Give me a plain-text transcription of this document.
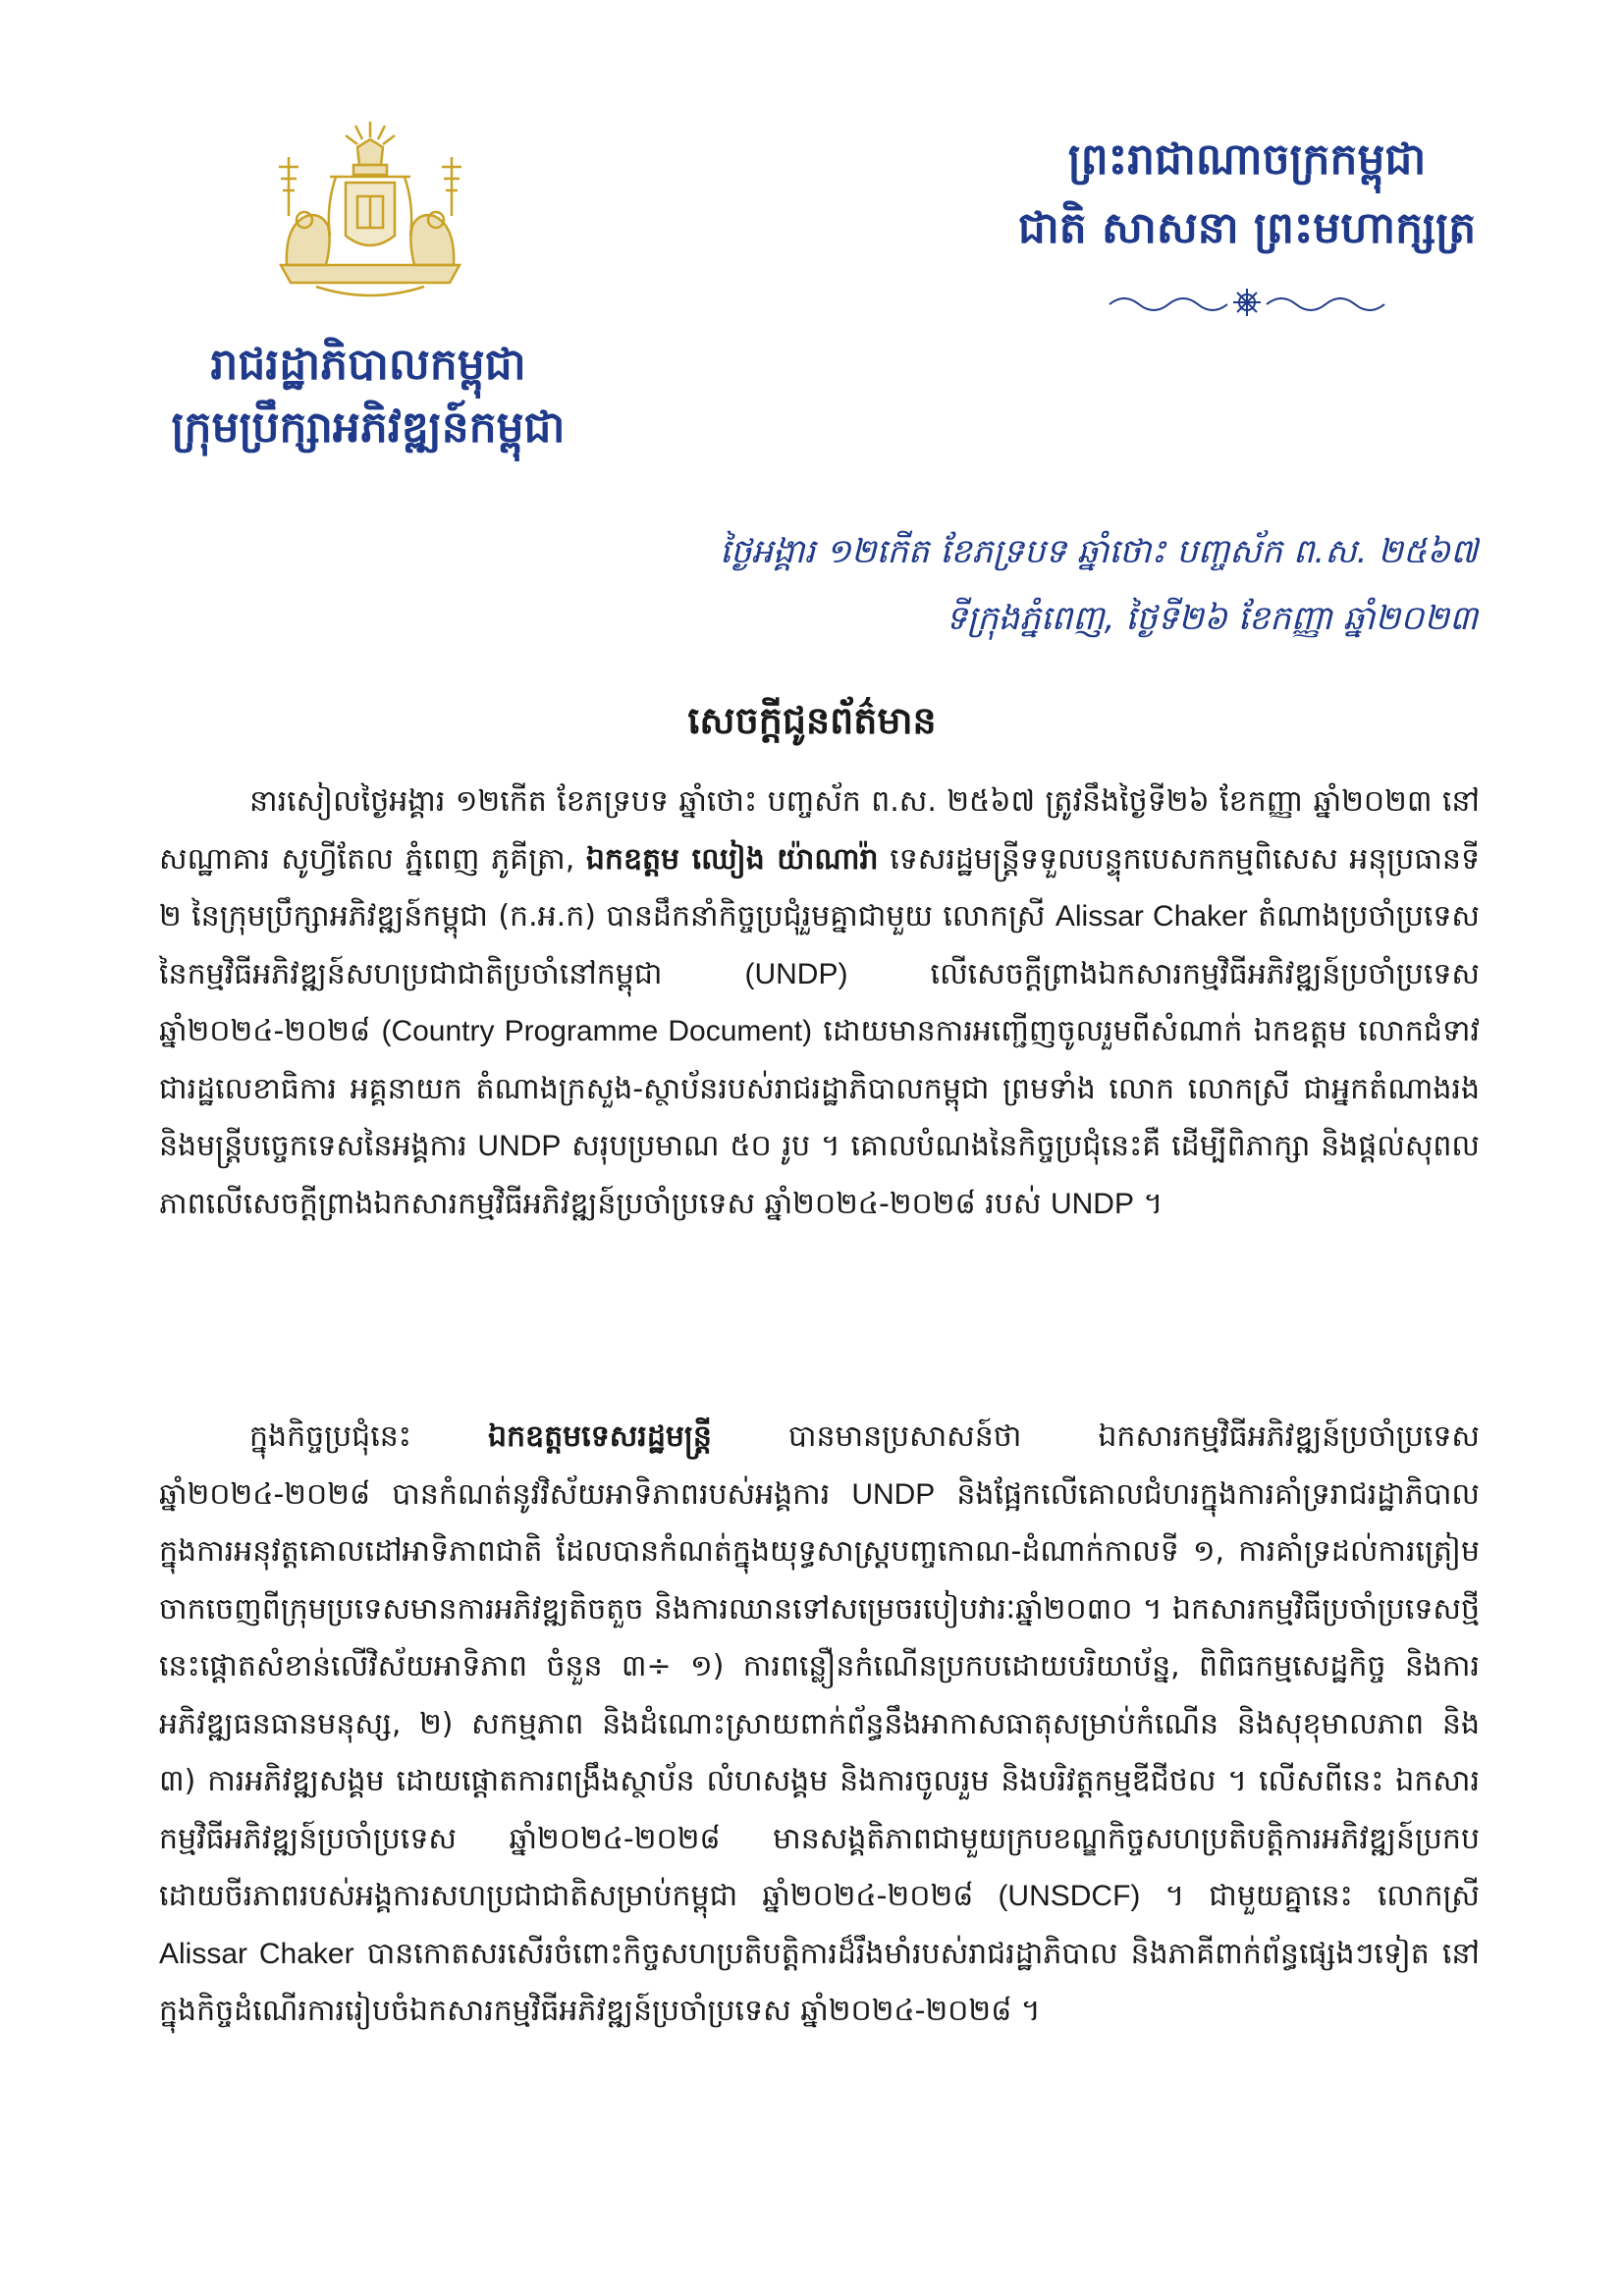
រាជរដ្ឋាភិបាលកម្ពុជា
ក្រុមប្រឹក្សាអភិវឌ្ឍន៍កម្ពុជា
ព្រះរាជាណាចក្រកម្ពុជា
ជាតិ សាសនា ព្រះមហាក្សត្រ
ថ្ងៃអង្គារ ១២កើត ខែភទ្របទ ឆ្នាំថោះ បញ្ចស័ក ព.ស. ២៥៦៧
ទីក្រុងភ្នំពេញ, ថ្ងៃទី២៦ ខែកញ្ញា ឆ្នាំ២០២៣
សេចក្តីជូនព័ត៌មាន

នារសៀលថ្ងៃអង្គារ ១២កើត ខែភទ្របទ ឆ្នាំថោះ បញ្ចស័ក ព.ស. ២៥៦៧ ត្រូវនឹងថ្ងៃទី២៦ ខែកញ្ញា ឆ្នាំ២០២៣ នៅសណ្ឋាគារ សូហ្វីតែល ភ្នំពេញ ភូគីត្រា, ឯកឧត្តម ឈៀង យ៉ាណារ៉ា ទេសរដ្ឋមន្ត្រីទទួលបន្ទុកបេសកកម្មពិសេស អនុប្រធានទី ២ នៃក្រុមប្រឹក្សាអភិវឌ្ឍន៍កម្ពុជា (ក.អ.ក) បានដឹកនាំកិច្ចប្រជុំរួមគ្នាជាមួយ លោកស្រី Alissar Chaker តំណាងប្រចាំប្រទេសនៃកម្មវិធីអភិវឌ្ឍន៍សហប្រជាជាតិប្រចាំនៅកម្ពុជា (UNDP) លើសេចក្តីព្រាងឯកសារកម្មវិធីអភិវឌ្ឍន៍ប្រចាំប្រទេស ឆ្នាំ២០២៤-២០២៨ (Country Programme Document) ដោយមានការអញ្ជើញចូលរួមពីសំណាក់ ឯកឧត្តម លោកជំទាវ ជារដ្ឋលេខាធិការ អគ្គនាយក តំណាងក្រសួង-ស្ថាប័នរបស់រាជរដ្ឋាភិបាលកម្ពុជា ព្រមទាំង លោក លោកស្រី ជាអ្នកតំណាងរង និងមន្ត្រីបច្ចេកទេសនៃអង្គការ UNDP សរុបប្រមាណ ៥០ រូប ។ គោលបំណងនៃកិច្ចប្រជុំនេះគឺ ដើម្បីពិភាក្សា និងផ្តល់សុពលភាពលើសេចក្តីព្រាងឯកសារកម្មវិធីអភិវឌ្ឍន៍ប្រចាំប្រទេស ឆ្នាំ២០២៤-២០២៨ របស់ UNDP ។

ក្នុងកិច្ចប្រជុំនេះ ឯកឧត្តមទេសរដ្ឋមន្ត្រី បានមានប្រសាសន៍ថា ឯកសារកម្មវិធីអភិវឌ្ឍន៍ប្រចាំប្រទេស ឆ្នាំ២០២៤-២០២៨ បានកំណត់នូវវិស័យអាទិភាពរបស់អង្គការ UNDP និងផ្អែកលើគោលជំហរក្នុងការគាំទ្ររាជរដ្ឋាភិបាលក្នុងការអនុវត្តគោលដៅអាទិភាពជាតិ ដែលបានកំណត់ក្នុងយុទ្ធសាស្ត្របញ្ចកោណ-ដំណាក់កាលទី ១, ការគាំទ្រដល់ការត្រៀមចាកចេញពីក្រុមប្រទេសមានការអភិវឌ្ឍតិចតួច និងការឈានទៅសម្រេចរបៀបវារៈឆ្នាំ២០៣០ ។ ឯកសារកម្មវិធីប្រចាំប្រទេសថ្មីនេះផ្តោតសំខាន់លើវិស័យអាទិភាព ចំនួន ៣÷ ១) ការពន្លឿនកំណើនប្រកបដោយបរិយាប័ន្ន, ពិពិធកម្មសេដ្ឋកិច្ច និងការអភិវឌ្ឍធនធានមនុស្ស, ២) សកម្មភាព និងដំណោះស្រាយពាក់ព័ន្ធនឹងអាកាសធាតុសម្រាប់កំណើន និងសុខុមាលភាព និង ៣) ការអភិវឌ្ឍសង្គម ដោយផ្តោតការពង្រឹងស្ថាប័ន លំហសង្គម និងការចូលរួម និងបរិវត្តកម្មឌីជីថល ។ លើសពីនេះ ឯកសារកម្មវិធីអភិវឌ្ឍន៍ប្រចាំប្រទេស ឆ្នាំ២០២៤-២០២៨ មានសង្គតិភាពជាមួយក្របខណ្ឌកិច្ចសហប្រតិបត្តិការអភិវឌ្ឍន៍ប្រកបដោយចីរភាពរបស់អង្គការសហប្រជាជាតិសម្រាប់កម្ពុជា ឆ្នាំ២០២៤-២០២៨ (UNSDCF) ។ ជាមួយគ្នានេះ លោកស្រី Alissar Chaker បានកោតសរសើរចំពោះកិច្ចសហប្រតិបត្តិការដ៏រឹងមាំរបស់រាជរដ្ឋាភិបាល និងភាគីពាក់ព័ន្ធផ្សេងៗទៀត នៅក្នុងកិច្ចដំណើរការរៀបចំឯកសារកម្មវិធីអភិវឌ្ឍន៍ប្រចាំប្រទេស ឆ្នាំ២០២៤-២០២៨ ។
